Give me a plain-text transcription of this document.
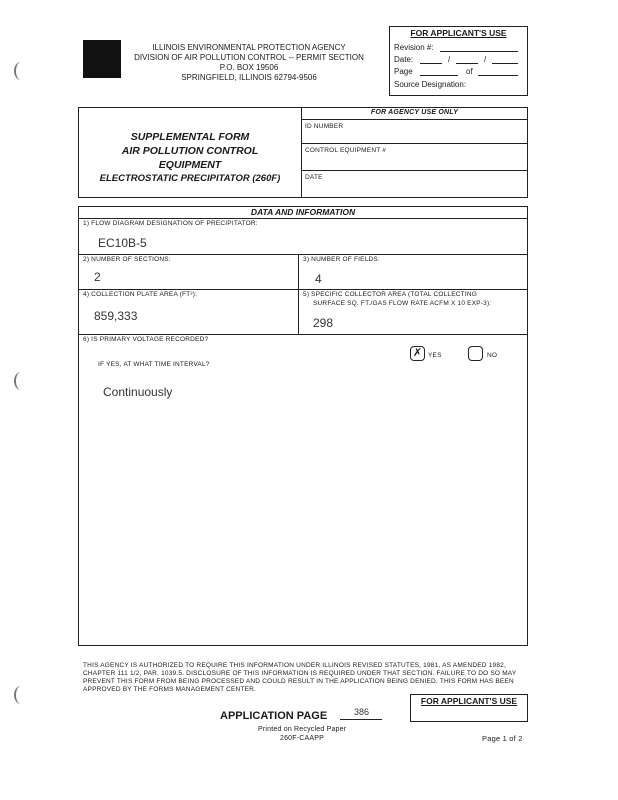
ILLINOIS ENVIRONMENTAL PROTECTION AGENCY
DIVISION OF AIR POLLUTION CONTROL -- PERMIT SECTION
P.O. BOX 19506
SPRINGFIELD, ILLINOIS 62794-9506
FOR APPLICANT'S USE
Revision #:
Date:	/	/
Page	of
Source Designation:
SUPPLEMENTAL FORM
AIR POLLUTION CONTROL
EQUIPMENT
ELECTROSTATIC PRECIPITATOR (260F)
FOR AGENCY USE ONLY
ID NUMBER
CONTROL EQUIPMENT #
DATE
DATA AND INFORMATION
1) FLOW DIAGRAM DESIGNATION OF PRECIPITATOR:
EC10B-5
2) NUMBER OF SECTIONS:
2
3) NUMBER OF FIELDS:
4
4) COLLECTION PLATE AREA (FT²):
859,333
5) SPECIFIC COLLECTOR AREA (TOTAL COLLECTING
SURFACE SQ. FT./GAS FLOW RATE ACFM X 10 EXP-3):
298
6) IS PRIMARY VOLTAGE RECORDED?
✗ YES	NO
IF YES, AT WHAT TIME INTERVAL?
Continuously
THIS AGENCY IS AUTHORIZED TO REQUIRE THIS INFORMATION UNDER ILLINOIS REVISED STATUTES, 1981, AS AMENDED 1982,
CHAPTER 111 1/2, PAR. 1039.5. DISCLOSURE OF THIS INFORMATION IS REQUIRED UNDER THAT SECTION. FAILURE TO DO SO MAY
PREVENT THIS FORM FROM BEING PROCESSED AND COULD RESULT IN THE APPLICATION BEING DENIED. THIS FORM HAS BEEN
APPROVED BY THE FORMS MANAGEMENT CENTER.
FOR APPLICANT'S USE
APPLICATION PAGE	386
Printed on Recycled Paper
260F-CAAPP	Page 1 of 2
